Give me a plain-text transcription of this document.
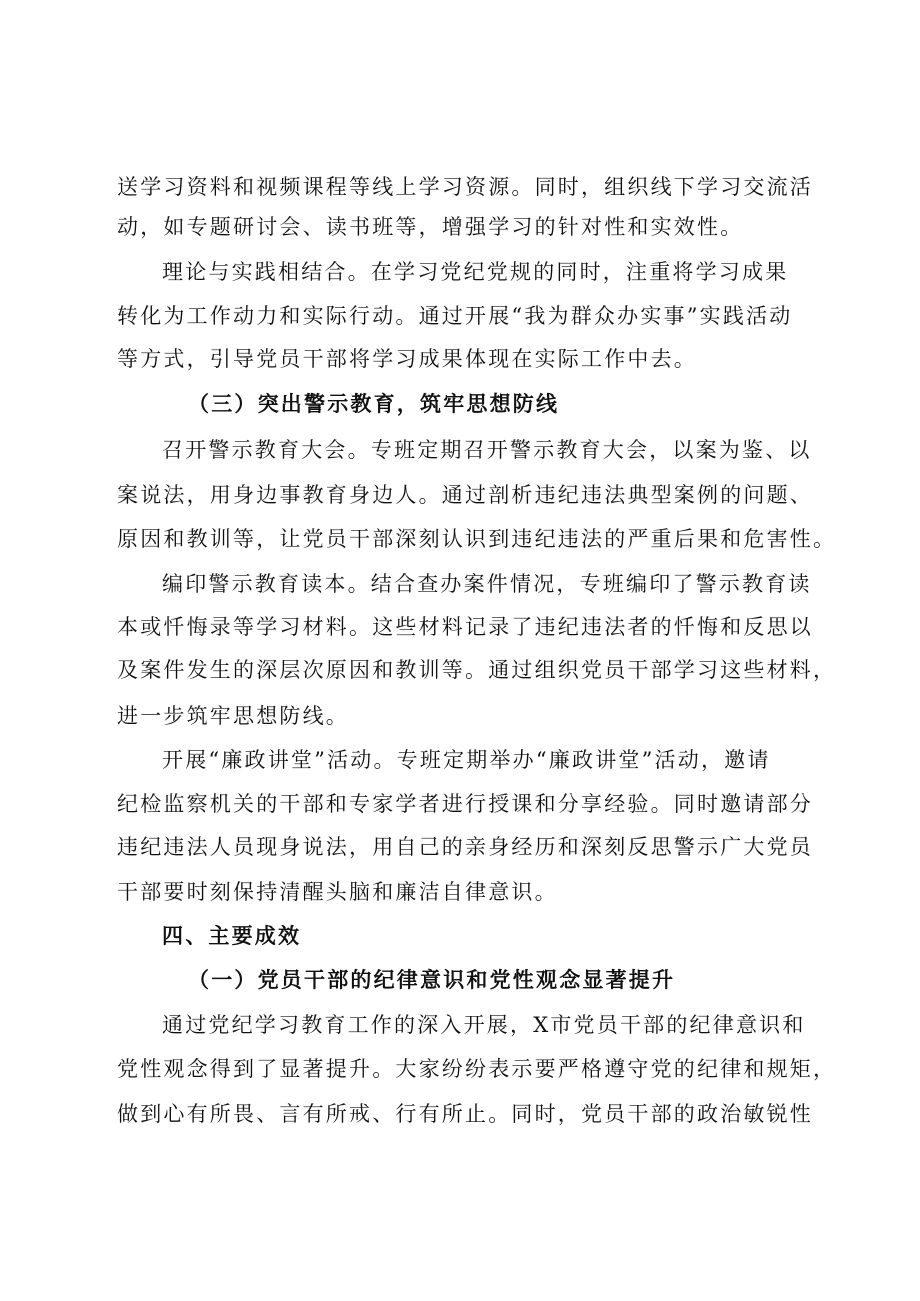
送学习资料和视频课程等线上学习资源。同时，组织线下学习交流活
动，如专题研讨会、读书班等，增强学习的针对性和实效性。
理论与实践相结合。在学习党纪党规的同时，注重将学习成果
转化为工作动力和实际行动。通过开展“我为群众办实事”实践活动
等方式，引导党员干部将学习成果体现在实际工作中去。
（三）突出警示教育，筑牢思想防线
召开警示教育大会。专班定期召开警示教育大会，以案为鉴、以
案说法，用身边事教育身边人。通过剖析违纪违法典型案例的问题、
原因和教训等，让党员干部深刻认识到违纪违法的严重后果和危害性。
编印警示教育读本。结合查办案件情况，专班编印了警示教育读
本或忏悔录等学习材料。这些材料记录了违纪违法者的忏悔和反思以
及案件发生的深层次原因和教训等。通过组织党员干部学习这些材料，
进一步筑牢思想防线。
开展“廉政讲堂”活动。专班定期举办“廉政讲堂”活动，邀请
纪检监察机关的干部和专家学者进行授课和分享经验。同时邀请部分
违纪违法人员现身说法，用自己的亲身经历和深刻反思警示广大党员
干部要时刻保持清醒头脑和廉洁自律意识。
四、主要成效
（一）党员干部的纪律意识和党性观念显著提升
通过党纪学习教育工作的深入开展，X市党员干部的纪律意识和
党性观念得到了显著提升。大家纷纷表示要严格遵守党的纪律和规矩，
做到心有所畏、言有所戒、行有所止。同时，党员干部的政治敏锐性
